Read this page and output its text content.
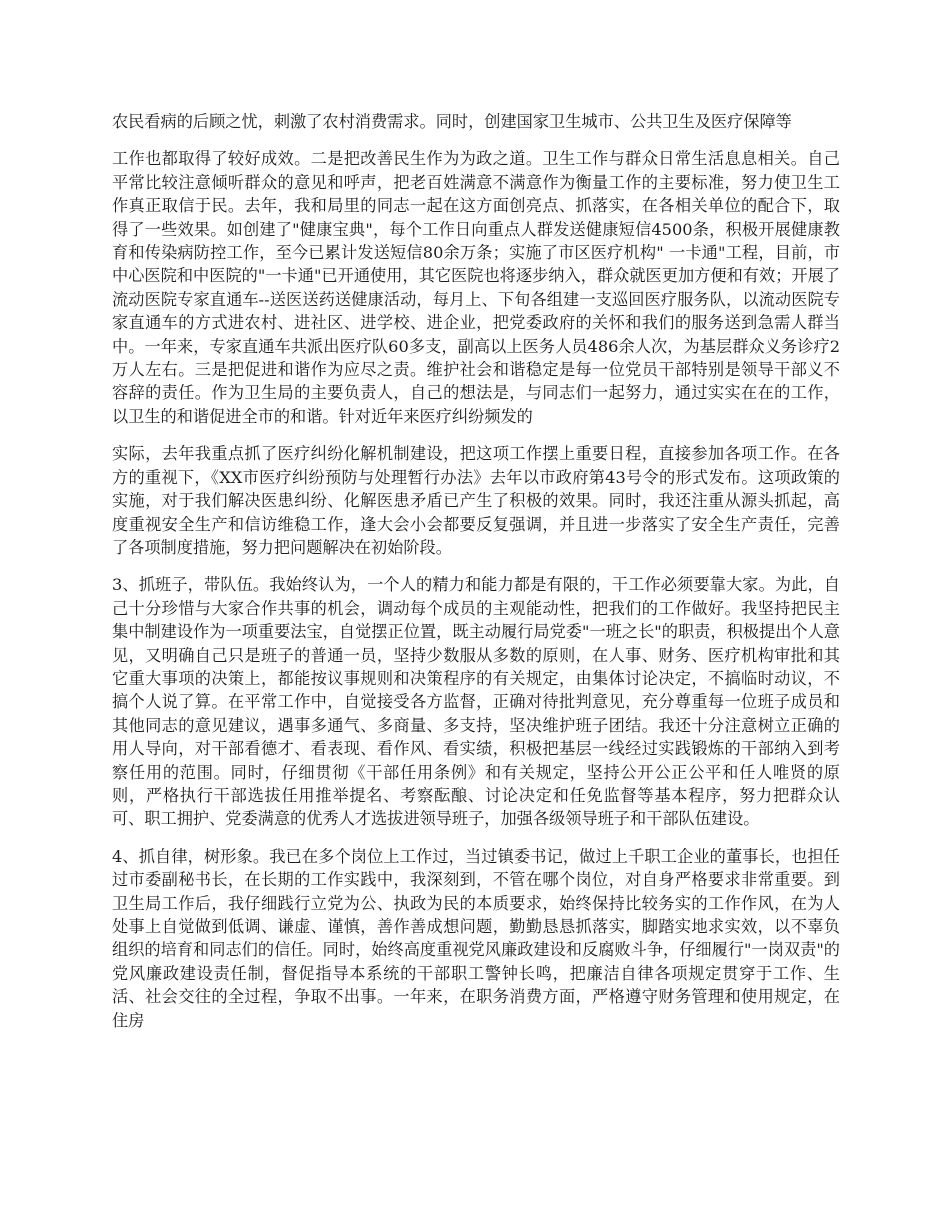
农民看病的后顾之忧，刺激了农村消费需求。同时，创建国家卫生城市、公共卫生及医疗保障等

工作也都取得了较好成效。二是把改善民生作为为政之道。卫生工作与群众日常生活息息相关。自己平常比较注意倾听群众的意见和呼声，把老百姓满意不满意作为衡量工作的主要标准，努力使卫生工作真正取信于民。去年，我和局里的同志一起在这方面创亮点、抓落实，在各相关单位的配合下，取得了一些效果。如创建了"健康宝典"，每个工作日向重点人群发送健康短信4500条，积极开展健康教育和传染病防控工作，至今已累计发送短信80余万条；实施了市区医疗机构" 一卡通"工程，目前，市中心医院和中医院的"一卡通"已开通使用，其它医院也将逐步纳入，群众就医更加方便和有效；开展了流动医院专家直通车--送医送药送健康活动，每月上、下旬各组建一支巡回医疗服务队，以流动医院专家直通车的方式进农村、进社区、进学校、进企业，把党委政府的关怀和我们的服务送到急需人群当中。一年来，专家直通车共派出医疗队60多支，副高以上医务人员486余人次，为基层群众义务诊疗2万人左右。三是把促进和谐作为应尽之责。维护社会和谐稳定是每一位党员干部特别是领导干部义不容辞的责任。作为卫生局的主要负责人，自己的想法是，与同志们一起努力，通过实实在在的工作，以卫生的和谐促进全市的和谐。针对近年来医疗纠纷频发的

实际，去年我重点抓了医疗纠纷化解机制建设，把这项工作摆上重要日程，直接参加各项工作。在各方的重视下，《XX市医疗纠纷预防与处理暂行办法》去年以市政府第43号令的形式发布。这项政策的实施，对于我们解决医患纠纷、化解医患矛盾已产生了积极的效果。同时，我还注重从源头抓起，高度重视安全生产和信访维稳工作，逢大会小会都要反复强调，并且进一步落实了安全生产责任，完善了各项制度措施，努力把问题解决在初始阶段。

3、抓班子，带队伍。我始终认为，一个人的精力和能力都是有限的，干工作必须要靠大家。为此，自己十分珍惜与大家合作共事的机会，调动每个成员的主观能动性，把我们的工作做好。我坚持把民主集中制建设作为一项重要法宝，自觉摆正位置，既主动履行局党委"一班之长"的职责，积极提出个人意见，又明确自己只是班子的普通一员，坚持少数服从多数的原则，在人事、财务、医疗机构审批和其它重大事项的决策上，都能按议事规则和决策程序的有关规定，由集体讨论决定，不搞临时动议，不搞个人说了算。在平常工作中，自觉接受各方监督，正确对待批判意见，充分尊重每一位班子成员和其他同志的意见建议，遇事多通气、多商量、多支持，坚决维护班子团结。我还十分注意树立正确的用人导向，对干部看德才、看表现、看作风、看实绩，积极把基层一线经过实践锻炼的干部纳入到考察任用的范围。同时，仔细贯彻《干部任用条例》和有关规定，坚持公开公正公平和任人唯贤的原则，严格执行干部选拔任用推举提名、考察酝酿、讨论决定和任免监督等基本程序，努力把群众认可、职工拥护、党委满意的优秀人才选拔进领导班子，加强各级领导班子和干部队伍建设。

4、抓自律，树形象。我已在多个岗位上工作过，当过镇委书记，做过上千职工企业的董事长，也担任过市委副秘书长，在长期的工作实践中，我深刻到，不管在哪个岗位，对自身严格要求非常重要。到卫生局工作后，我仔细践行立党为公、执政为民的本质要求，始终保持比较务实的工作作风，在为人处事上自觉做到低调、谦虚、谨慎，善作善成想问题，勤勤恳恳抓落实，脚踏实地求实效，以不辜负组织的培育和同志们的信任。同时，始终高度重视党风廉政建设和反腐败斗争，仔细履行"一岗双责"的党风廉政建设责任制，督促指导本系统的干部职工警钟长鸣，把廉洁自律各项规定贯穿于工作、生活、社会交往的全过程，争取不出事。一年来，在职务消费方面，严格遵守财务管理和使用规定，在住房
